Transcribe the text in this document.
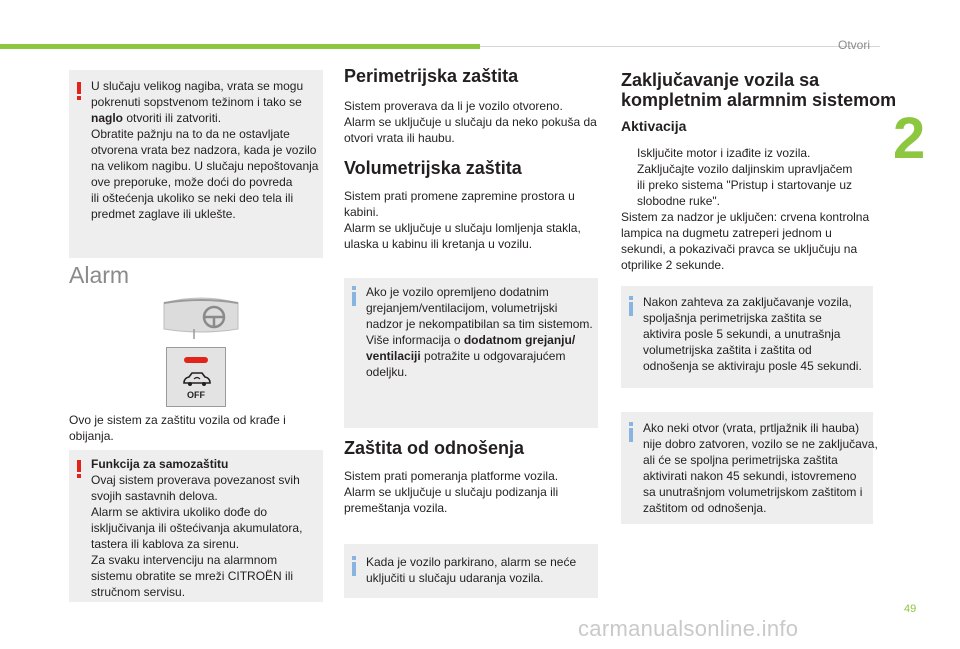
Otvori
2
U slučaju velikog nagiba, vrata se mogu
pokrenuti sopstvenom težinom i tako se
naglo otvoriti ili zatvoriti.
Obratite pažnju na to da ne ostavljate
otvorena vrata bez nadzora, kada je vozilo
na velikom nagibu. U slučaju nepoštovanja
ove preporuke, može doći do povreda
ili oštećenja ukoliko se neki deo tela ili
predmet zaglave ili uklešte.
Alarm
OFF
Ovo je sistem za zaštitu vozila od krađe i
obijanja.
Funkcija za samozaštitu
Ovaj sistem proverava povezanost svih
svojih sastavnih delova.
Alarm se aktivira ukoliko dođe do
isključivanja ili oštećivanja akumulatora,
tastera ili kablova za sirenu.
Za svaku intervenciju na alarmnom
sistemu obratite se mreži CITROËN ili
stručnom servisu.
Perimetrijska zaštita
Sistem proverava da li je vozilo otvoreno.
Alarm se uključuje u slučaju da neko pokuša da
otvori vrata ili haubu.
Volumetrijska zaštita
Sistem prati promene zapremine prostora u
kabini.
Alarm se uključuje u slučaju lomljenja stakla,
ulaska u kabinu ili kretanja u vozilu.
Ako je vozilo opremljeno dodatnim
grejanjem/ventilacijom, volumetrijski
nadzor je nekompatibilan sa tim sistemom.
Više informacija o dodatnom grejanju/
ventilaciji potražite u odgovarajućem
odeljku.
Zaštita od odnošenja
Sistem prati pomeranja platforme vozila.
Alarm se uključuje u slučaju podizanja ili
premeštanja vozila.
Kada je vozilo parkirano, alarm se neće
uključiti u slučaju udaranja vozila.
Zaključavanje vozila sa
kompletnim alarmnim sistemom
Aktivacija
Isključite motor i izađite iz vozila.
Zaključajte vozilo daljinskim upravljačem
ili preko sistema "Pristup i startovanje uz
slobodne ruke".
Sistem za nadzor je uključen: crvena kontrolna
lampica na dugmetu zatreperi jednom u
sekundi, a pokazivači pravca se uključuju na
otprilike 2 sekunde.
Nakon zahteva za zaključavanje vozila,
spoljašnja perimetrijska zaštita se
aktivira posle 5 sekundi, a unutrašnja
volumetrijska zaštita i zaštita od
odnošenja se aktiviraju posle 45 sekundi.
Ako neki otvor (vrata, prtljažnik ili hauba)
nije dobro zatvoren, vozilo se ne zaključava,
ali će se spoljna perimetrijska zaštita
aktivirati nakon 45 sekundi, istovremeno
sa unutrašnjom volumetrijskom zaštitom i
zaštitom od odnošenja.
49
carmanualsonline.info
